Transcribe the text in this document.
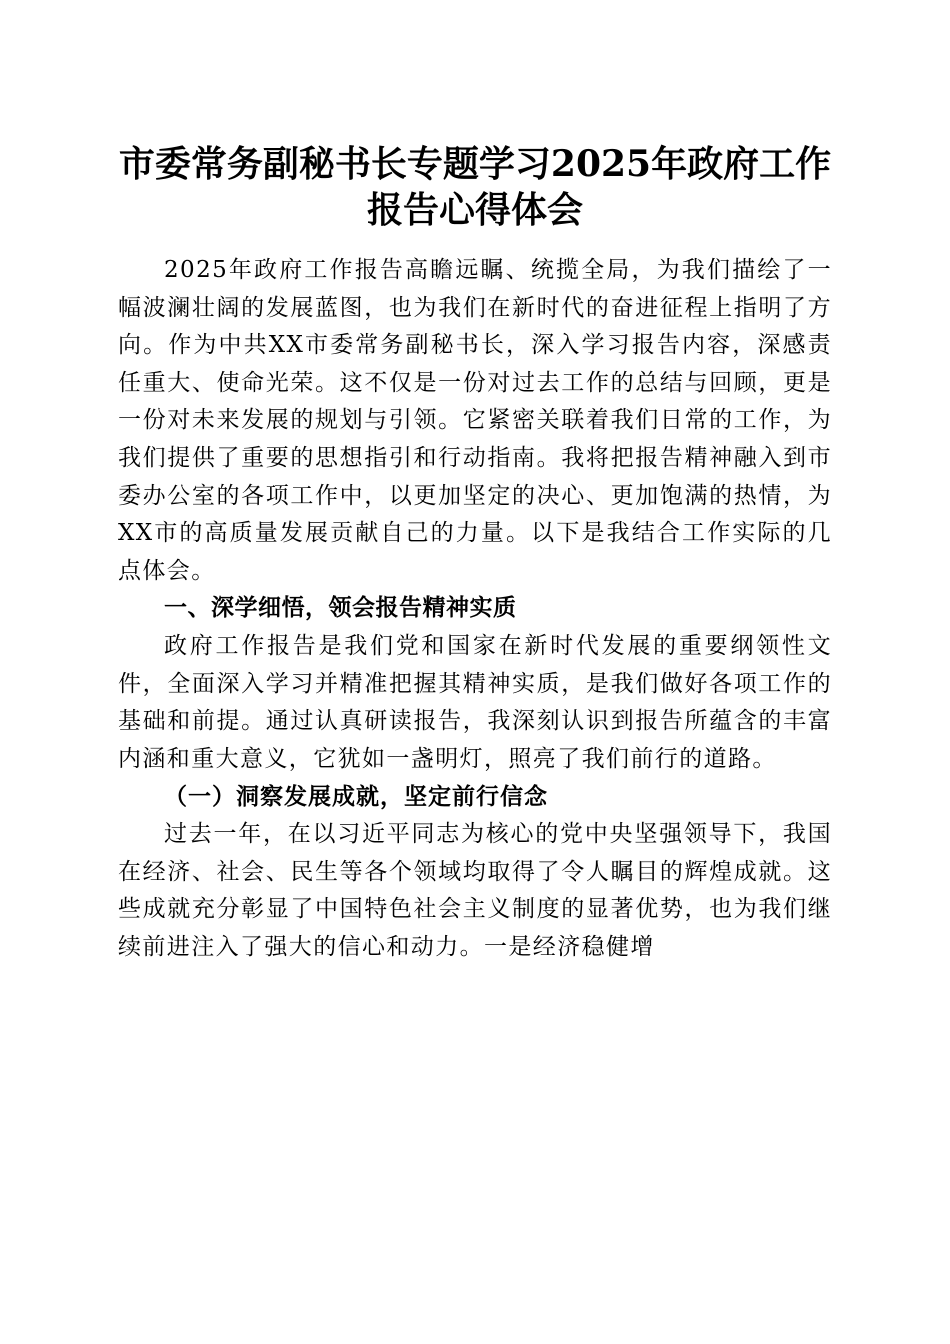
市委常务副秘书长专题学习2025年政府工作
报告心得体会

2025年政府工作报告高瞻远瞩、统揽全局，为我们描绘了一幅波澜壮阔的发展蓝图，也为我们在新时代的奋进征程上指明了方向。作为中共XX市委常务副秘书长，深入学习报告内容，深感责任重大、使命光荣。这不仅是一份对过去工作的总结与回顾，更是一份对未来发展的规划与引领。它紧密关联着我们日常的工作，为我们提供了重要的思想指引和行动指南。我将把报告精神融入到市委办公室的各项工作中，以更加坚定的决心、更加饱满的热情，为XX市的高质量发展贡献自己的力量。以下是我结合工作实际的几点体会。

一、深学细悟，领会报告精神实质

政府工作报告是我们党和国家在新时代发展的重要纲领性文件，全面深入学习并精准把握其精神实质，是我们做好各项工作的基础和前提。通过认真研读报告，我深刻认识到报告所蕴含的丰富内涵和重大意义，它犹如一盏明灯，照亮了我们前行的道路。

（一）洞察发展成就，坚定前行信念

过去一年，在以习近平同志为核心的党中央坚强领导下，我国在经济、社会、民生等各个领域均取得了令人瞩目的辉煌成就。这些成就充分彰显了中国特色社会主义制度的显著优势，也为我们继续前进注入了强大的信心和动力。一是经济稳健增
